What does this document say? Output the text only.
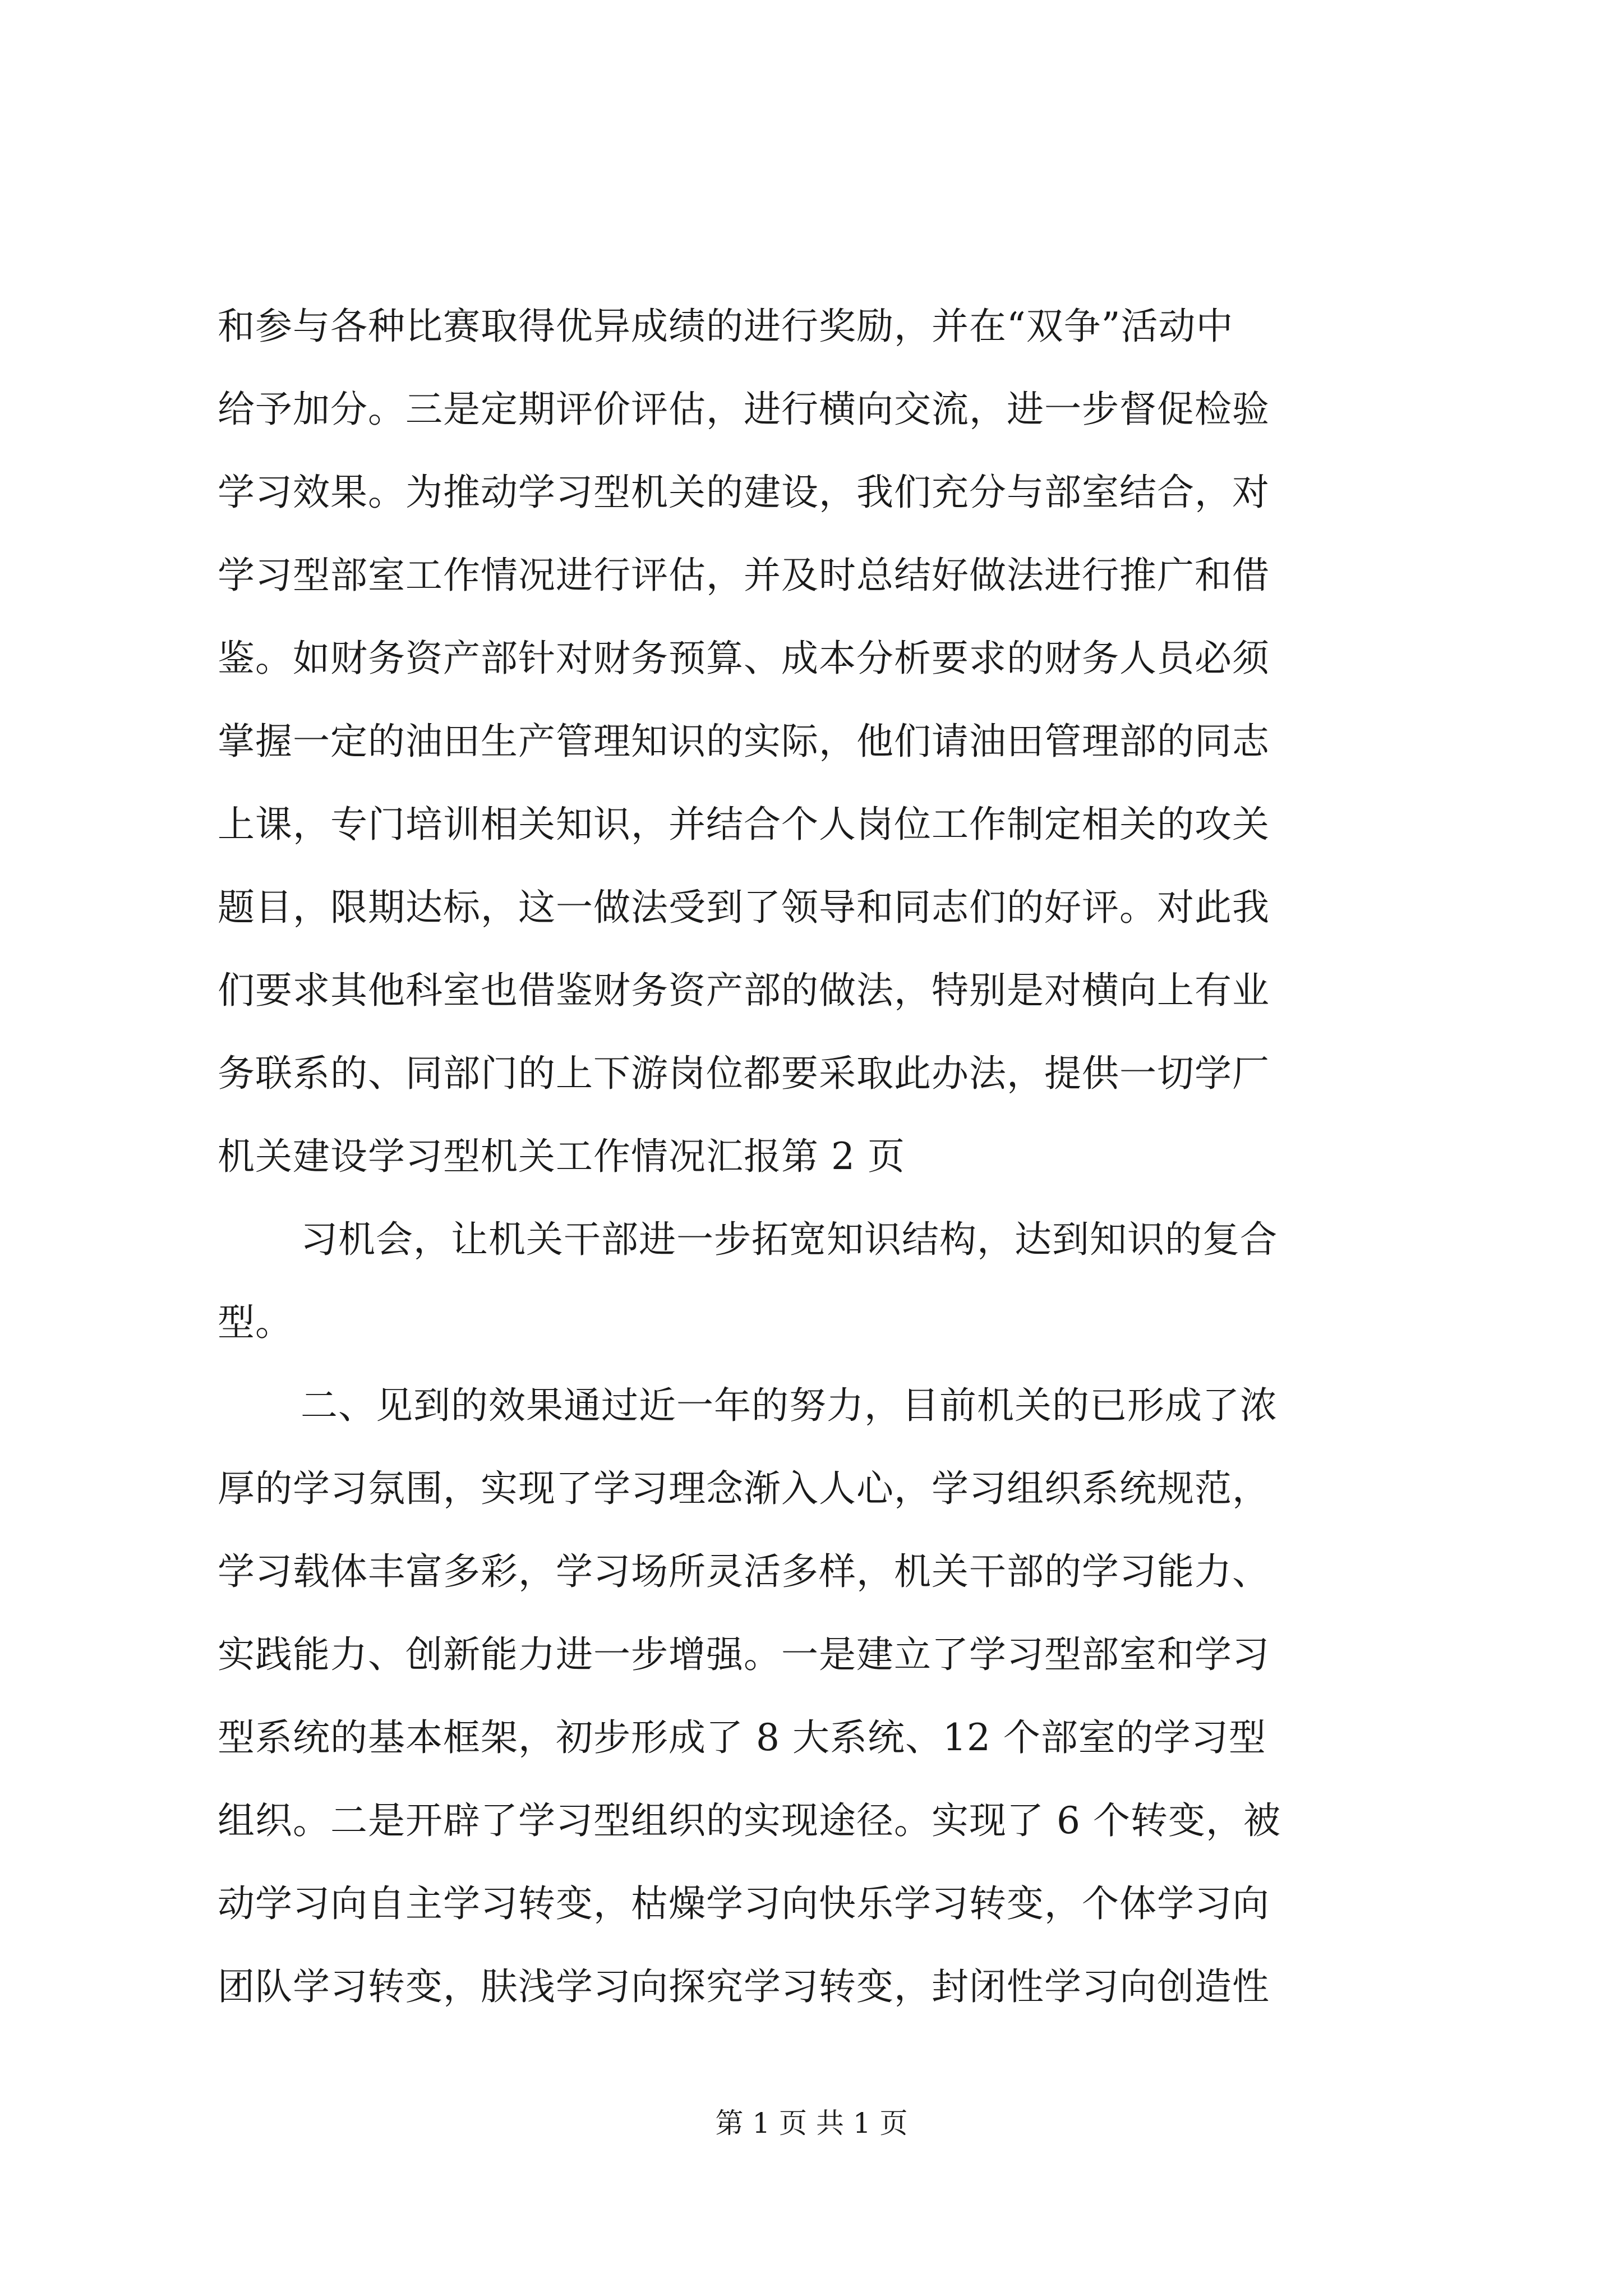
和参与各种比赛取得优异成绩的进行奖励，并在“双争”活动中
给予加分。三是定期评价评估，进行横向交流，进一步督促检验
学习效果。为推动学习型机关的建设，我们充分与部室结合，对
学习型部室工作情况进行评估，并及时总结好做法进行推广和借
鉴。如财务资产部针对财务预算、成本分析要求的财务人员必须
掌握一定的油田生产管理知识的实际，他们请油田管理部的同志
上课，专门培训相关知识，并结合个人岗位工作制定相关的攻关
题目，限期达标，这一做法受到了领导和同志们的好评。对此我
们要求其他科室也借鉴财务资产部的做法，特别是对横向上有业
务联系的、同部门的上下游岗位都要采取此办法，提供一切学厂
机关建设学习型机关工作情况汇报第 2 页
习机会，让机关干部进一步拓宽知识结构，达到知识的复合
型。
二、见到的效果通过近一年的努力，目前机关的已形成了浓
厚的学习氛围，实现了学习理念渐入人心，学习组织系统规范，
学习载体丰富多彩，学习场所灵活多样，机关干部的学习能力、
实践能力、创新能力进一步增强。一是建立了学习型部室和学习
型系统的基本框架，初步形成了 8 大系统、12 个部室的学习型
组织。二是开辟了学习型组织的实现途径。实现了 6 个转变，被
动学习向自主学习转变，枯燥学习向快乐学习转变，个体学习向
团队学习转变，肤浅学习向探究学习转变，封闭性学习向创造性
第 1 页 共 1 页
